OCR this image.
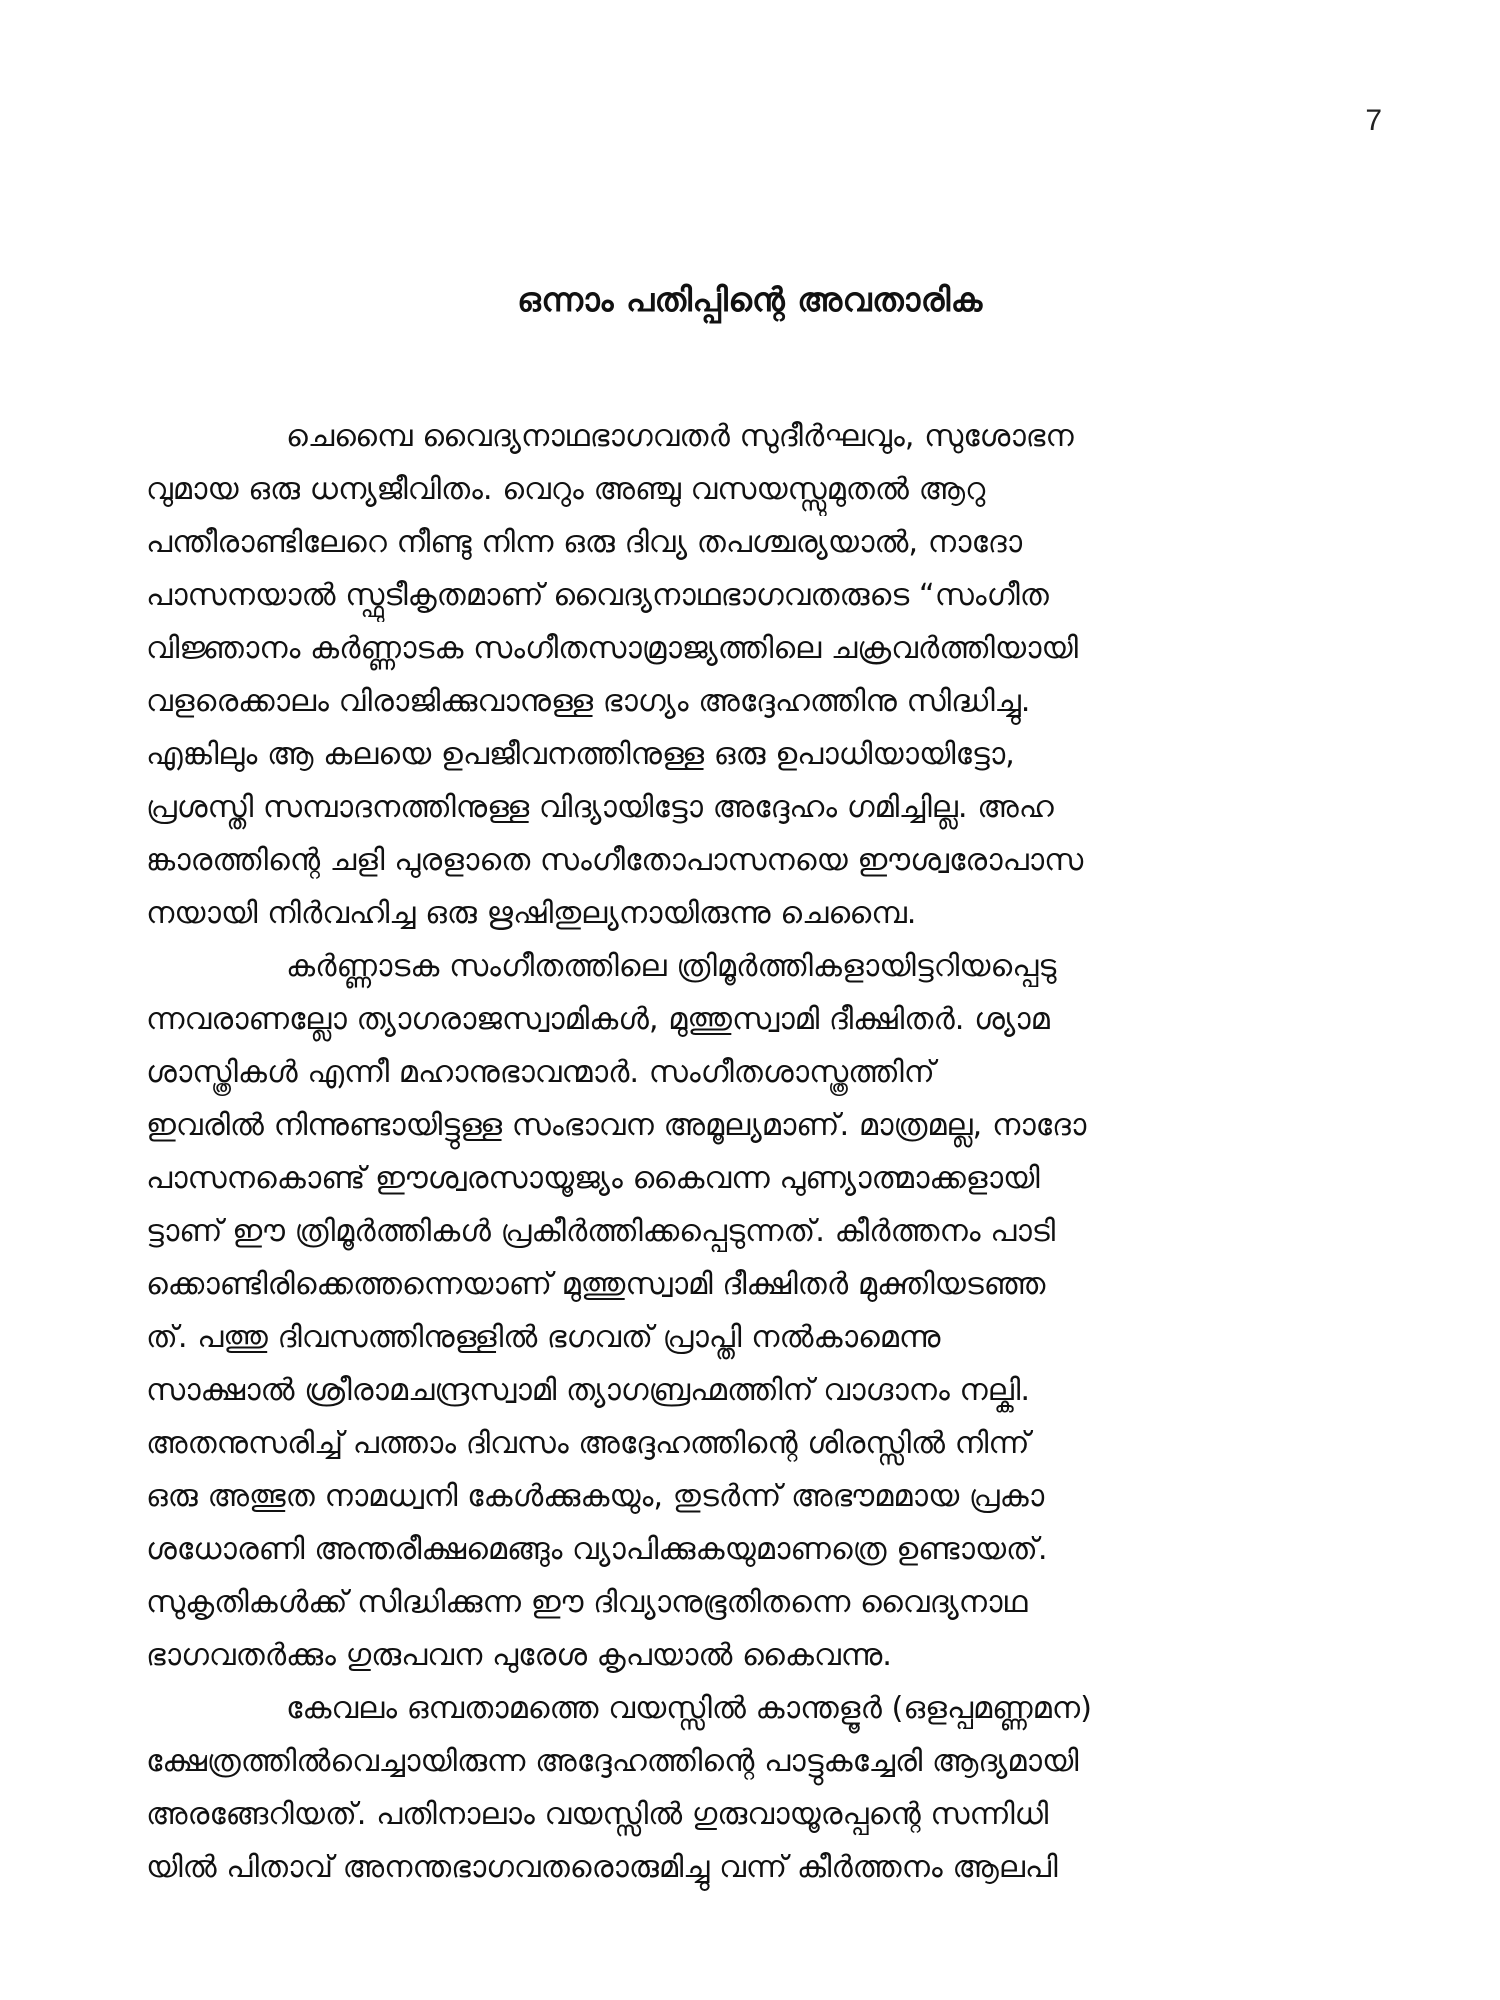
7
ഒന്നാം പതിപ്പിന്റെ അവതാരിക
ചെമ്പൈ വൈദ്യനാഥഭാഗവതർ സുദീർഘവും, സുശോഭന
വുമായ ഒരു ധന്യജീവിതം. വെറും അഞ്ചു വസയസ്സുമുതൽ ആറു
പന്തീരാണ്ടിലേറെ നീണ്ടു നിന്ന ഒരു ദിവ്യ തപശ്ചര്യയാൽ, നാദോ
പാസനയാൽ സ്ഫുടീകൃതമാണ് വൈദ്യനാഥഭാഗവതരുടെ “സംഗീത
വിജ്ഞാനം കർണ്ണാടക സംഗീതസാമ്രാജ്യത്തിലെ ചക്രവർത്തിയായി
വളരെക്കാലം വിരാജിക്കുവാനുള്ള ഭാഗ്യം അദ്ദേഹത്തിനു സിദ്ധിച്ചു.
എങ്കിലും ആ കലയെ ഉപജീവനത്തിനുള്ള ഒരു ഉപാധിയായിട്ടോ,
പ്രശസ്തി സമ്പാദനത്തിനുള്ള വിദ്യായിട്ടോ അദ്ദേഹം ഗമിച്ചില്ല. അഹ
ങ്കാരത്തിന്റെ ചളി പുരളാതെ സംഗീതോപാസനയെ ഈശ്വരോപാസ
നയായി നിർവഹിച്ച ഒരു ഋഷിതുല്യനായിരുന്നു ചെമ്പൈ.
കർണ്ണാടക സംഗീതത്തിലെ ത്രിമൂർത്തികളായിട്ടറിയപ്പെടു
ന്നവരാണല്ലോ ത്യാഗരാജസ്വാമികൾ, മുത്തുസ്വാമി ദീക്ഷിതർ. ശ്യാമ
ശാസ്ത്രികൾ എന്നീ മഹാനുഭാവന്മാർ. സംഗീതശാസ്ത്രത്തിന്
ഇവരിൽ നിന്നുണ്ടായിട്ടുള്ള സംഭാവന അമൂല്യമാണ്. മാത്രമല്ല, നാദോ
പാസനകൊണ്ട് ഈശ്വരസായൂജ്യം കൈവന്ന പുണ്യാത്മാക്കളായി
ട്ടാണ് ഈ ത്രിമൂർത്തികൾ പ്രകീർത്തിക്കപ്പെടുന്നത്. കീർത്തനം പാടി
ക്കൊണ്ടിരിക്കെത്തന്നെയാണ് മുത്തുസ്വാമി ദീക്ഷിതർ മുക്തിയടഞ്ഞ
ത്. പത്തു ദിവസത്തിനുള്ളിൽ ഭഗവത് പ്രാപ്തി നൽകാമെന്നു
സാക്ഷാൽ ശ്രീരാമചന്ദ്രസ്വാമി ത്യാഗബ്രഹ്മത്തിന് വാഗ്ദാനം നല്കി.
അതനുസരിച്ച് പത്താം ദിവസം അദ്ദേഹത്തിന്റെ ശിരസ്സിൽ നിന്ന്
ഒരു അത്ഭുത നാമധ്വനി കേൾക്കുകയും, തുടർന്ന് അഭൗമമായ പ്രകാ
ശധോരണി അന്തരീക്ഷമെങ്ങും വ്യാപിക്കുകയുമാണത്രെ ഉണ്ടായത്.
സുകൃതികൾക്ക് സിദ്ധിക്കുന്ന ഈ ദിവ്യാനുഭൂതിതന്നെ വൈദ്യനാഥ
ഭാഗവതർക്കും ഗുരുപവന പുരേശ കൃപയാൽ കൈവന്നു.
കേവലം ഒമ്പതാമത്തെ വയസ്സിൽ കാന്തളൂർ (ഒളപ്പമണ്ണമന)
ക്ഷേത്രത്തിൽവെച്ചായിരുന്ന അദ്ദേഹത്തിന്റെ പാട്ടുകച്ചേരി ആദ്യമായി
അരങ്ങേറിയത്. പതിനാലാം വയസ്സിൽ ഗുരുവായൂരപ്പന്റെ സന്നിധി
യിൽ പിതാവ് അനന്തഭാഗവതരൊരുമിച്ചു വന്ന് കീർത്തനം ആലപി
